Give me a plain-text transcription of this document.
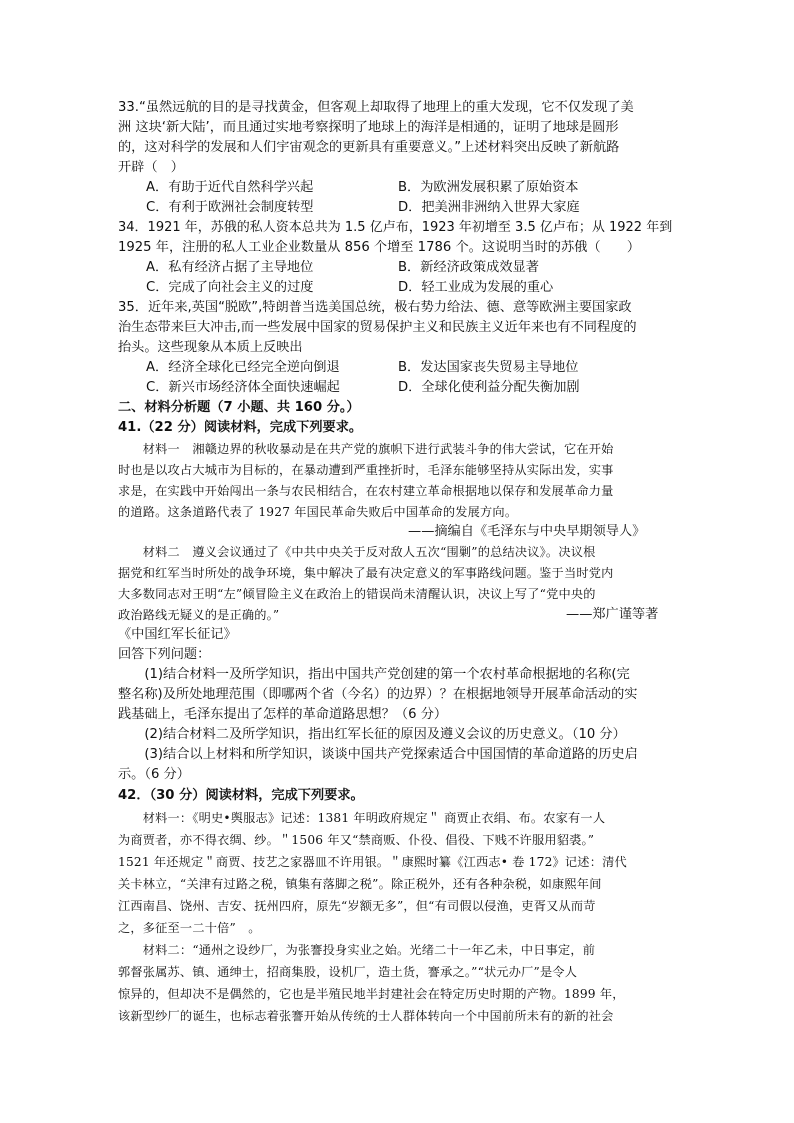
33.“虽然远航的目的是寻找黄金，但客观上却取得了地理上的重大发现，它不仅发现了美
洲 这块‘新大陆’，而且通过实地考察探明了地球上的海洋是相通的，证明了地球是圆形
的，这对科学的发展和人们宇宙观念的更新具有重要意义。”上述材料突出反映了新航路
开辟（　）
A．有助于近代自然科学兴起	B．为欧洲发展积累了原始资本
C．有利于欧洲社会制度转型	D．把美洲非洲纳入世界大家庭
34．1921 年，苏俄的私人资本总共为 1.5 亿卢布，1923 年初增至 3.5 亿卢布；从 1922 年到
1925 年，注册的私人工业企业数量从 856 个增至 1786 个。这说明当时的苏俄（　　）
A．私有经济占据了主导地位	B．新经济政策成效显著
C．完成了向社会主义的过度	D．轻工业成为发展的重心
35．近年来,英国“脱欧”,特朗普当选美国总统，极右势力给法、德、意等欧洲主要国家政
治生态带来巨大冲击,而一些发展中国家的贸易保护主义和民族主义近年来也有不同程度的
抬头。这些现象从本质上反映出
A．经济全球化已经完全逆向倒退	B．发达国家丧失贸易主导地位
C．新兴市场经济体全面快速崛起	D．全球化使利益分配失衡加剧
二、材料分析题（7 小题、共 160 分。）
41.（22 分）阅读材料，完成下列要求。
　　材料一　湘赣边界的秋收暴动是在共产党的旗帜下进行武装斗争的伟大尝试，它在开始
时也是以攻占大城市为目标的，在暴动遭到严重挫折时，毛泽东能够坚持从实际出发，实事
求是，在实践中开始闯出一条与农民相结合，在农村建立革命根据地以保存和发展革命力量
的道路。这条道路代表了 1927 年国民革命失败后中国革命的发展方向。
——摘编自《毛泽东与中央早期领导人》
　　材料二　遵义会议通过了《中共中央关于反对敌人五次“围剿”的总结决议》。决议根
据党和红军当时所处的战争环境，集中解决了最有决定意义的军事路线问题。鉴于当时党内
大多数同志对王明“左”倾冒险主义在政治上的错误尚未清醒认识，决议上写了“党中央的
政治路线无疑义的是正确的。”	——郑广谨等著
《中国红军长征记》
回答下列问题：
　　(1)结合材料一及所学知识，指出中国共产党创建的第一个农村革命根据地的名称(完
整名称)及所处地理范围（即哪两个省（今名）的边界）？在根据地领导开展革命活动的实
践基础上，毛泽东提出了怎样的革命道路思想？（6 分）
　　(2)结合材料二及所学知识，指出红军长征的原因及遵义会议的历史意义。（10 分）
　　(3)结合以上材料和所学知识，谈谈中国共产党探索适合中国国情的革命道路的历史启
示。（6 分）
42．（30 分）阅读材料，完成下列要求。
　　材料一：《明史•舆服志》记述：1381 年明政府规定＂ 商贾止衣绢、布。农家有一人
为商贾者，亦不得衣绸、纱。＂1506 年又“禁商贩、仆役、倡役、下贱不许服用貂裘。”
1521 年还规定＂商贾、技艺之家器皿不许用银。＂康熙时纂《江西志• 卷 172》记述：清代
关卡林立，“关津有过路之税，镇集有落脚之税”。除正税外，还有各种杂税，如康熙年间
江西南昌、饶州、吉安、抚州四府，原先“岁额无多”，但“有司假以侵渔，吏胥又从而苛
之，多征至一二十倍”　。
　　材料二：“通州之设纱厂，为张謇投身实业之始。光绪二十一年乙未，中日事定，前
郭督张属苏、镇、通绅士，招商集股，设机厂，造土货，謇承之。”“状元办厂”是令人
惊异的，但却决不是偶然的，它也是半殖民地半封建社会在特定历史时期的产物。1899 年，
该新型纱厂的诞生，也标志着张謇开始从传统的士人群体转向一个中国前所未有的新的社会
